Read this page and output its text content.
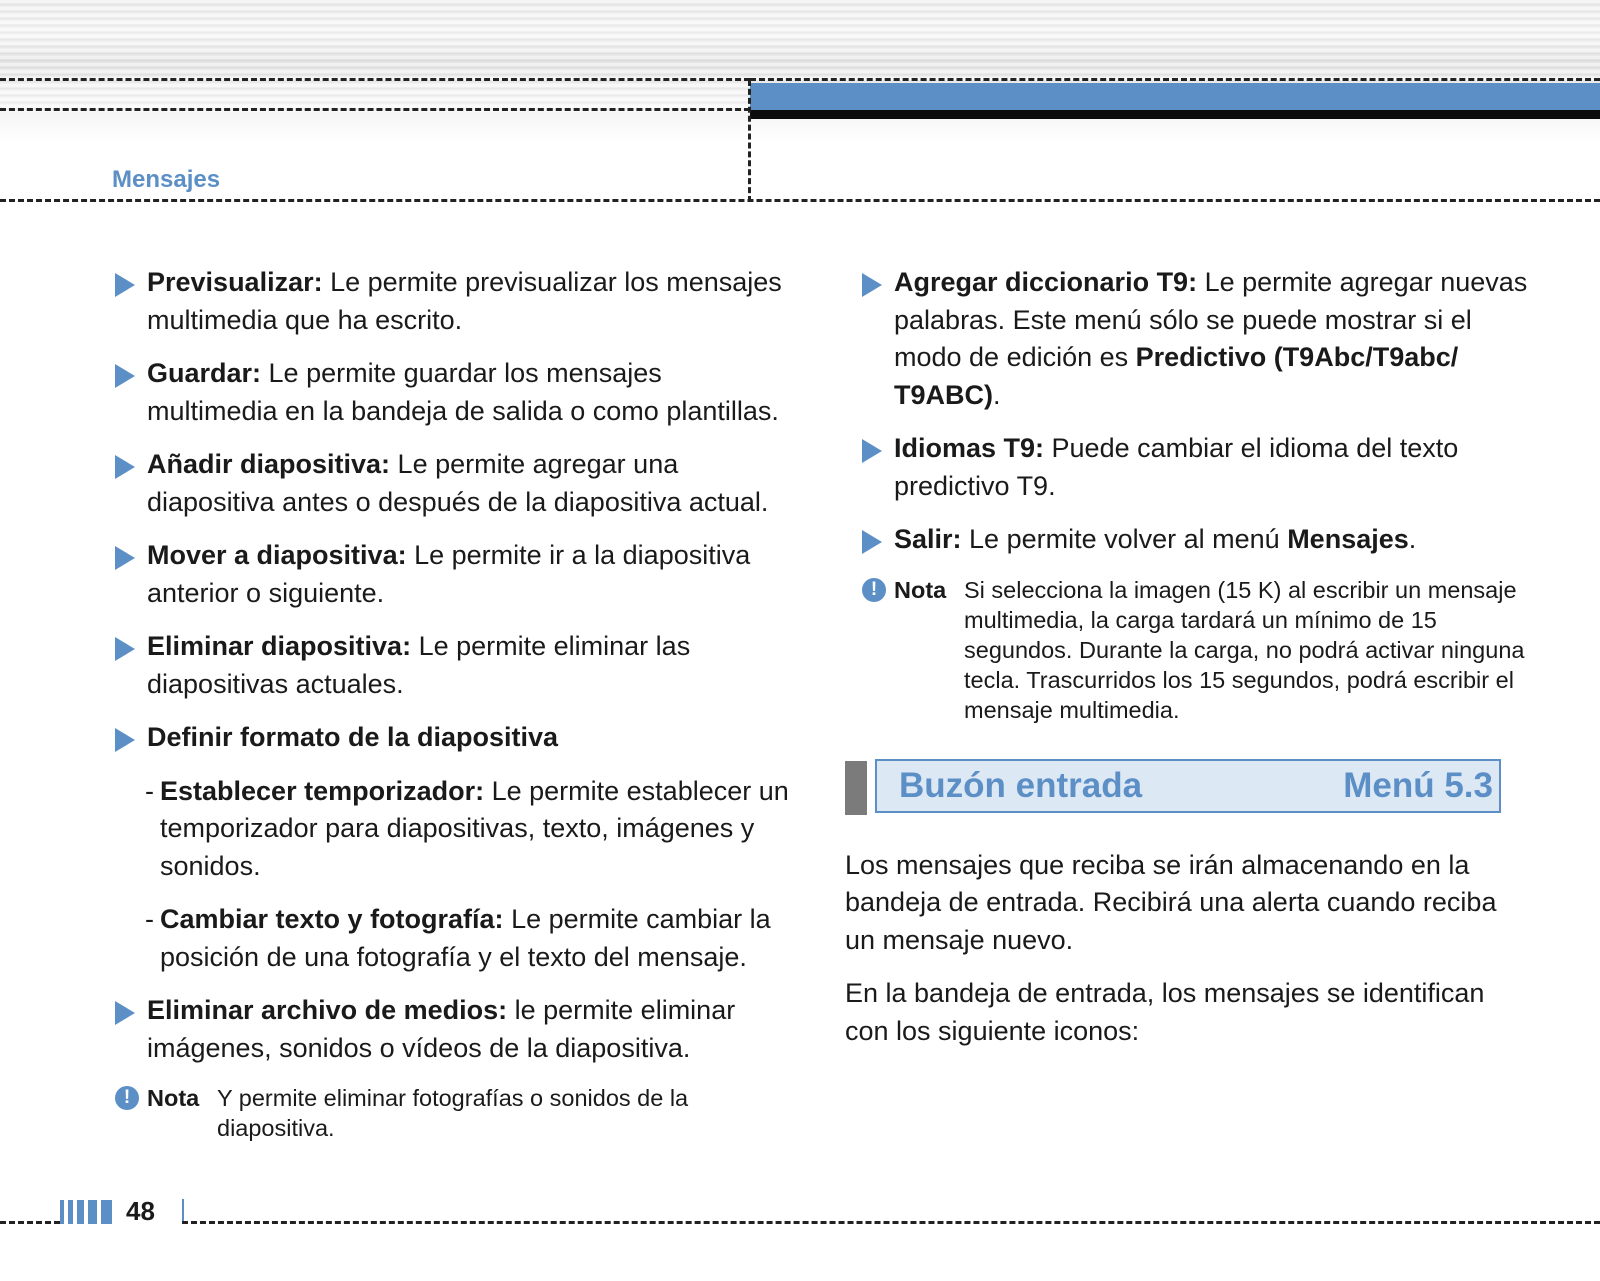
Mensajes
Previsualizar: Le permite previsualizar los mensajes multimedia que ha escrito.
Guardar: Le permite guardar los mensajes multimedia en la bandeja de salida o como plantillas.
Añadir diapositiva: Le permite agregar una diapositiva antes o después de la diapositiva actual.
Mover a diapositiva: Le permite ir a la diapositiva anterior o siguiente.
Eliminar diapositiva: Le permite eliminar las diapositivas actuales.
Definir formato de la diapositiva
- Establecer temporizador: Le permite establecer un temporizador para diapositivas, texto, imágenes y sonidos.
- Cambiar texto y fotografía: Le permite cambiar la posición de una fotografía y el texto del mensaje.
Eliminar archivo de medios: le permite eliminar imágenes, sonidos o vídeos de la diapositiva.
! Nota Y permite eliminar fotografías o sonidos de la diapositiva.
Agregar diccionario T9: Le permite agregar nuevas palabras. Este menú sólo se puede mostrar si el modo de edición es Predictivo (T9Abc/T9abc/ T9ABC).
Idiomas T9: Puede cambiar el idioma del texto predictivo T9.
Salir: Le permite volver al menú Mensajes.
! Nota Si selecciona la imagen (15 K) al escribir un mensaje multimedia, la carga tardará un mínimo de 15 segundos. Durante la carga, no podrá activar ninguna tecla. Trascurridos los 15 segundos, podrá escribir el mensaje multimedia.
Buzón entrada	Menú 5.3

Los mensajes que reciba se irán almacenando en la bandeja de entrada. Recibirá una alerta cuando reciba un mensaje nuevo.

En la bandeja de entrada, los mensajes se identifican con los siguiente iconos:

48
